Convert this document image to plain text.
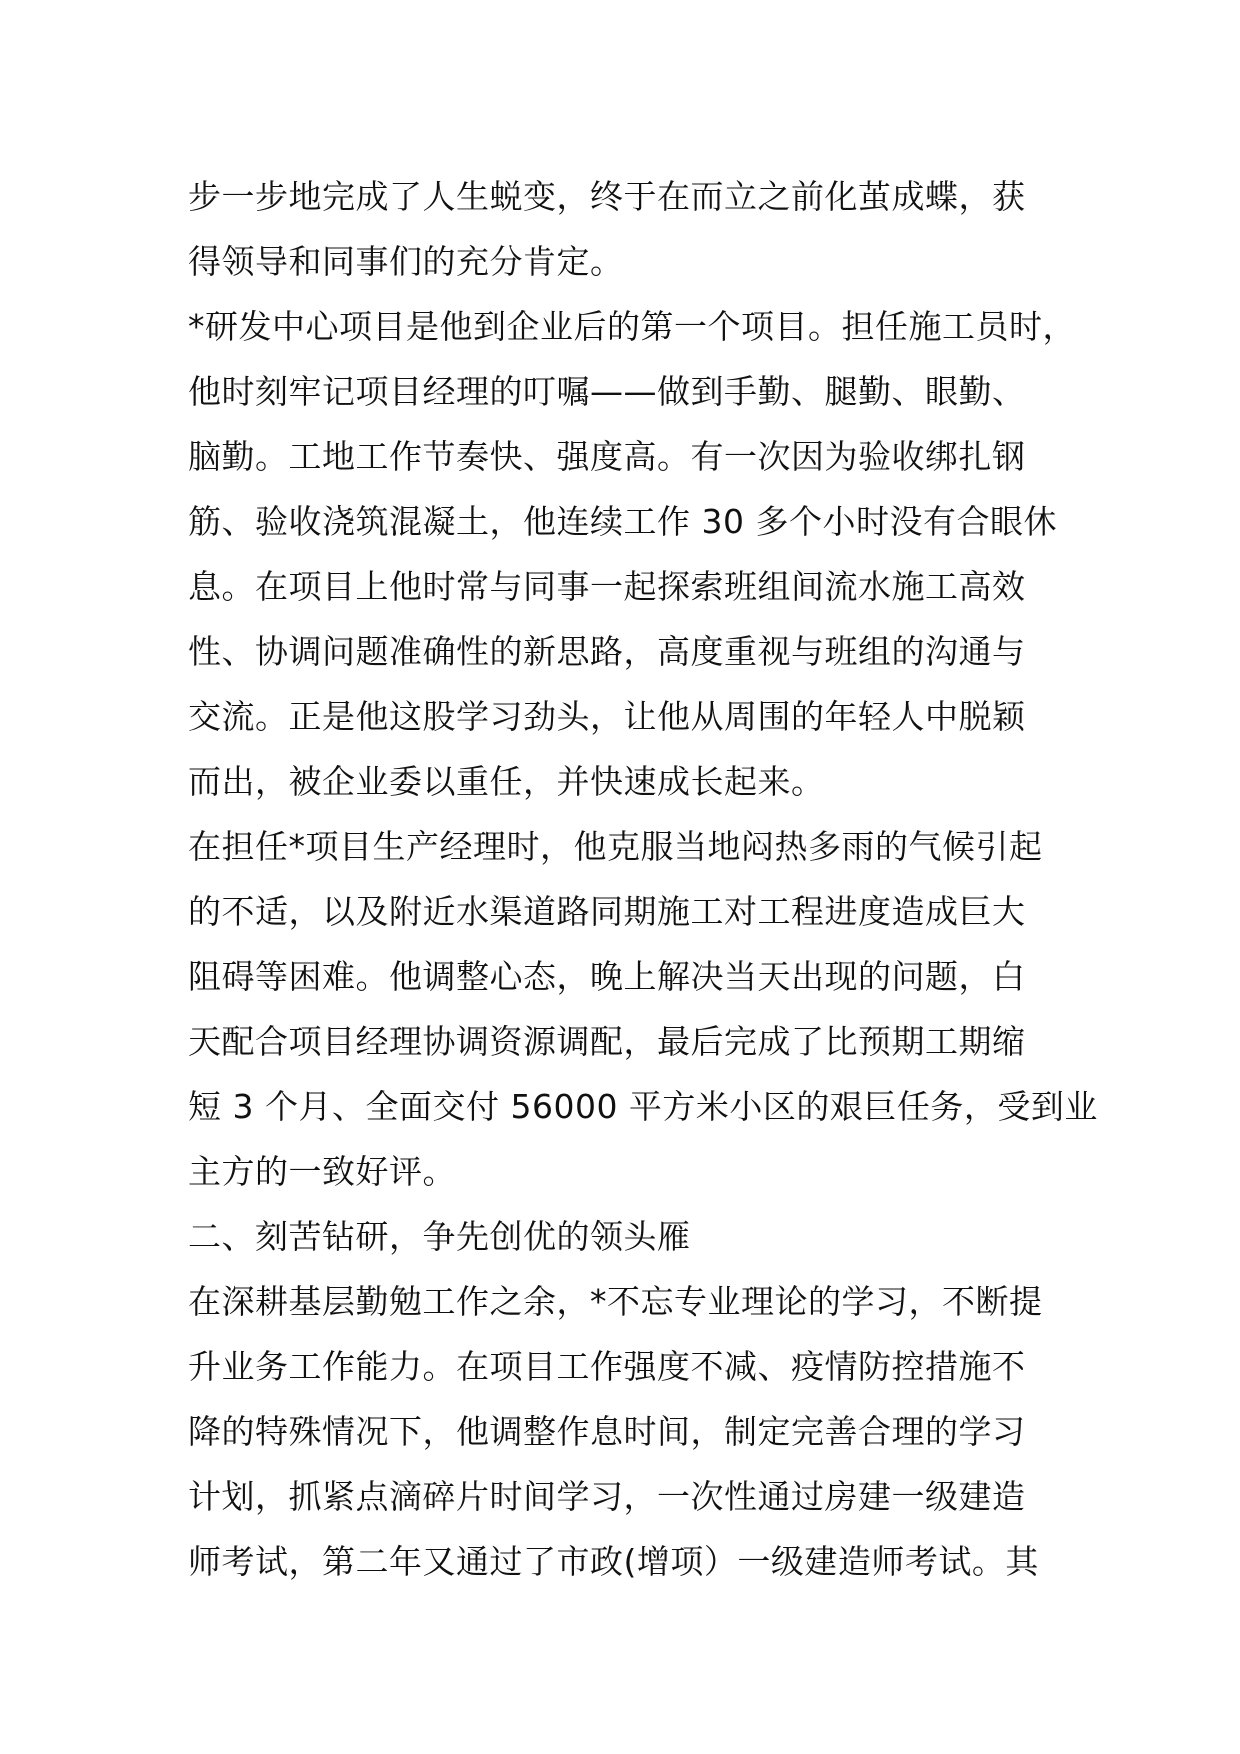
步一步地完成了人生蜕变，终于在而立之前化茧成蝶，获
得领导和同事们的充分肯定。
*研发中心项目是他到企业后的第一个项目。担任施工员时，
他时刻牢记项目经理的叮嘱——做到手勤、腿勤、眼勤、
脑勤。工地工作节奏快、强度高。有一次因为验收绑扎钢
筋、验收浇筑混凝土，他连续工作 30 多个小时没有合眼休
息。在项目上他时常与同事一起探索班组间流水施工高效
性、协调问题准确性的新思路，高度重视与班组的沟通与
交流。正是他这股学习劲头，让他从周围的年轻人中脱颖
而出，被企业委以重任，并快速成长起来。
在担任*项目生产经理时，他克服当地闷热多雨的气候引起
的不适，以及附近水渠道路同期施工对工程进度造成巨大
阻碍等困难。他调整心态，晚上解决当天出现的问题，白
天配合项目经理协调资源调配，最后完成了比预期工期缩
短 3 个月、全面交付 56000 平方米小区的艰巨任务，受到业
主方的一致好评。
二、刻苦钻研，争先创优的领头雁
在深耕基层勤勉工作之余，*不忘专业理论的学习，不断提
升业务工作能力。在项目工作强度不减、疫情防控措施不
降的特殊情况下，他调整作息时间，制定完善合理的学习
计划，抓紧点滴碎片时间学习，一次性通过房建一级建造
师考试，第二年又通过了市政(增项）一级建造师考试。其
